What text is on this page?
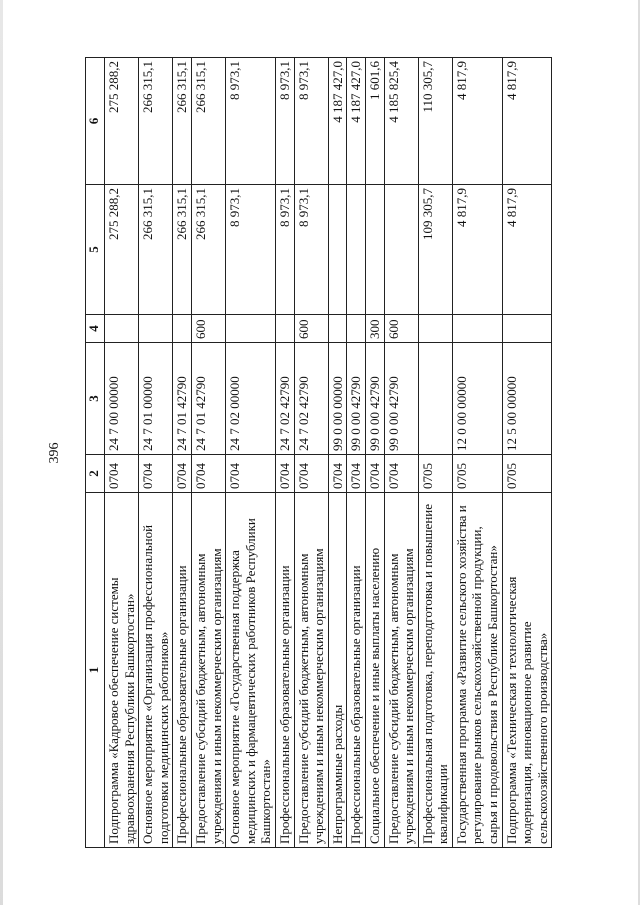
396
1	2	3	4	5	6
Подпрограмма «Кадровое обеспечение системы здравоохранения Республики Башкортостан»	0704	24 7 00 00000		275 288,2	275 288,2
Основное мероприятие «Организация профессиональной подготовки медицинских работников»	0704	24 7 01 00000		266 315,1	266 315,1
Профессиональные образовательные организации	0704	24 7 01 42790		266 315,1	266 315,1
Предоставление субсидий бюджетным, автономным учреждениям и иным некоммерческим организациям	0704	24 7 01 42790	600	266 315,1	266 315,1
Основное мероприятие «Государственная поддержка медицинских и фармацевтических работников Республики Башкортостан»	0704	24 7 02 00000		8 973,1	8 973,1
Профессиональные образовательные организации	0704	24 7 02 42790		8 973,1	8 973,1
Предоставление субсидий бюджетным, автономным учреждениям и иным некоммерческим организациям	0704	24 7 02 42790	600	8 973,1	8 973,1
Непрограммные расходы	0704	99 0 00 00000			4 187 427,0
Профессиональные образовательные организации	0704	99 0 00 42790			4 187 427,0
Социальное обеспечение и иные выплаты населению	0704	99 0 00 42790	300		1 601,6
Предоставление субсидий бюджетным, автономным учреждениям и иным некоммерческим организациям	0704	99 0 00 42790	600		4 185 825,4
Профессиональная подготовка, переподготовка и повышение квалификации	0705			109 305,7	110 305,7
Государственная программа «Развитие сельского хозяйства и регулирование рынков сельскохозяйственной продукции, сырья и продовольствия в Республике Башкортостан»	0705	12 0 00 00000		4 817,9	4 817,9
Подпрограмма «Техническая и технологическая модернизация, инновационное развитие сельскохозяйственного производства»	0705	12 5 00 00000		4 817,9	4 817,9
